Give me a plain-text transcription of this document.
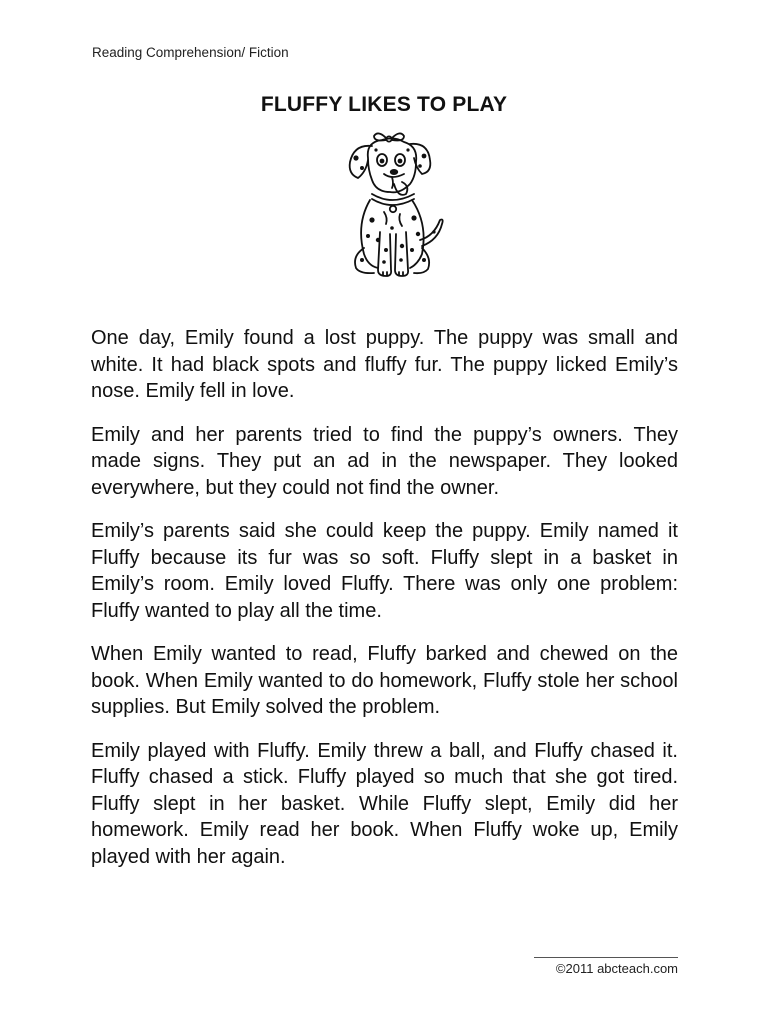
Reading Comprehension/ Fiction
FLUFFY LIKES TO PLAY

One day, Emily found a lost puppy. The puppy was small and white. It had black spots and fluffy fur. The puppy licked Emily’s nose. Emily fell in love.

Emily and her parents tried to find the puppy’s owners. They made signs. They put an ad in the newspaper. They looked everywhere, but they could not find the owner.

Emily’s parents said she could keep the puppy. Emily named it Fluffy because its fur was so soft. Fluffy slept in a basket in Emily’s room. Emily loved Fluffy. There was only one problem: Fluffy wanted to play all the time.

When Emily wanted to read, Fluffy barked and chewed on the book. When Emily wanted to do homework, Fluffy stole her school supplies. But Emily solved the problem.

Emily played with Fluffy. Emily threw a ball, and Fluffy chased it. Fluffy chased a stick. Fluffy played so much that she got tired. Fluffy slept in her basket. While Fluffy slept, Emily did her homework. Emily read her book. When Fluffy woke up, Emily played with her again.

©2011 abcteach.com
